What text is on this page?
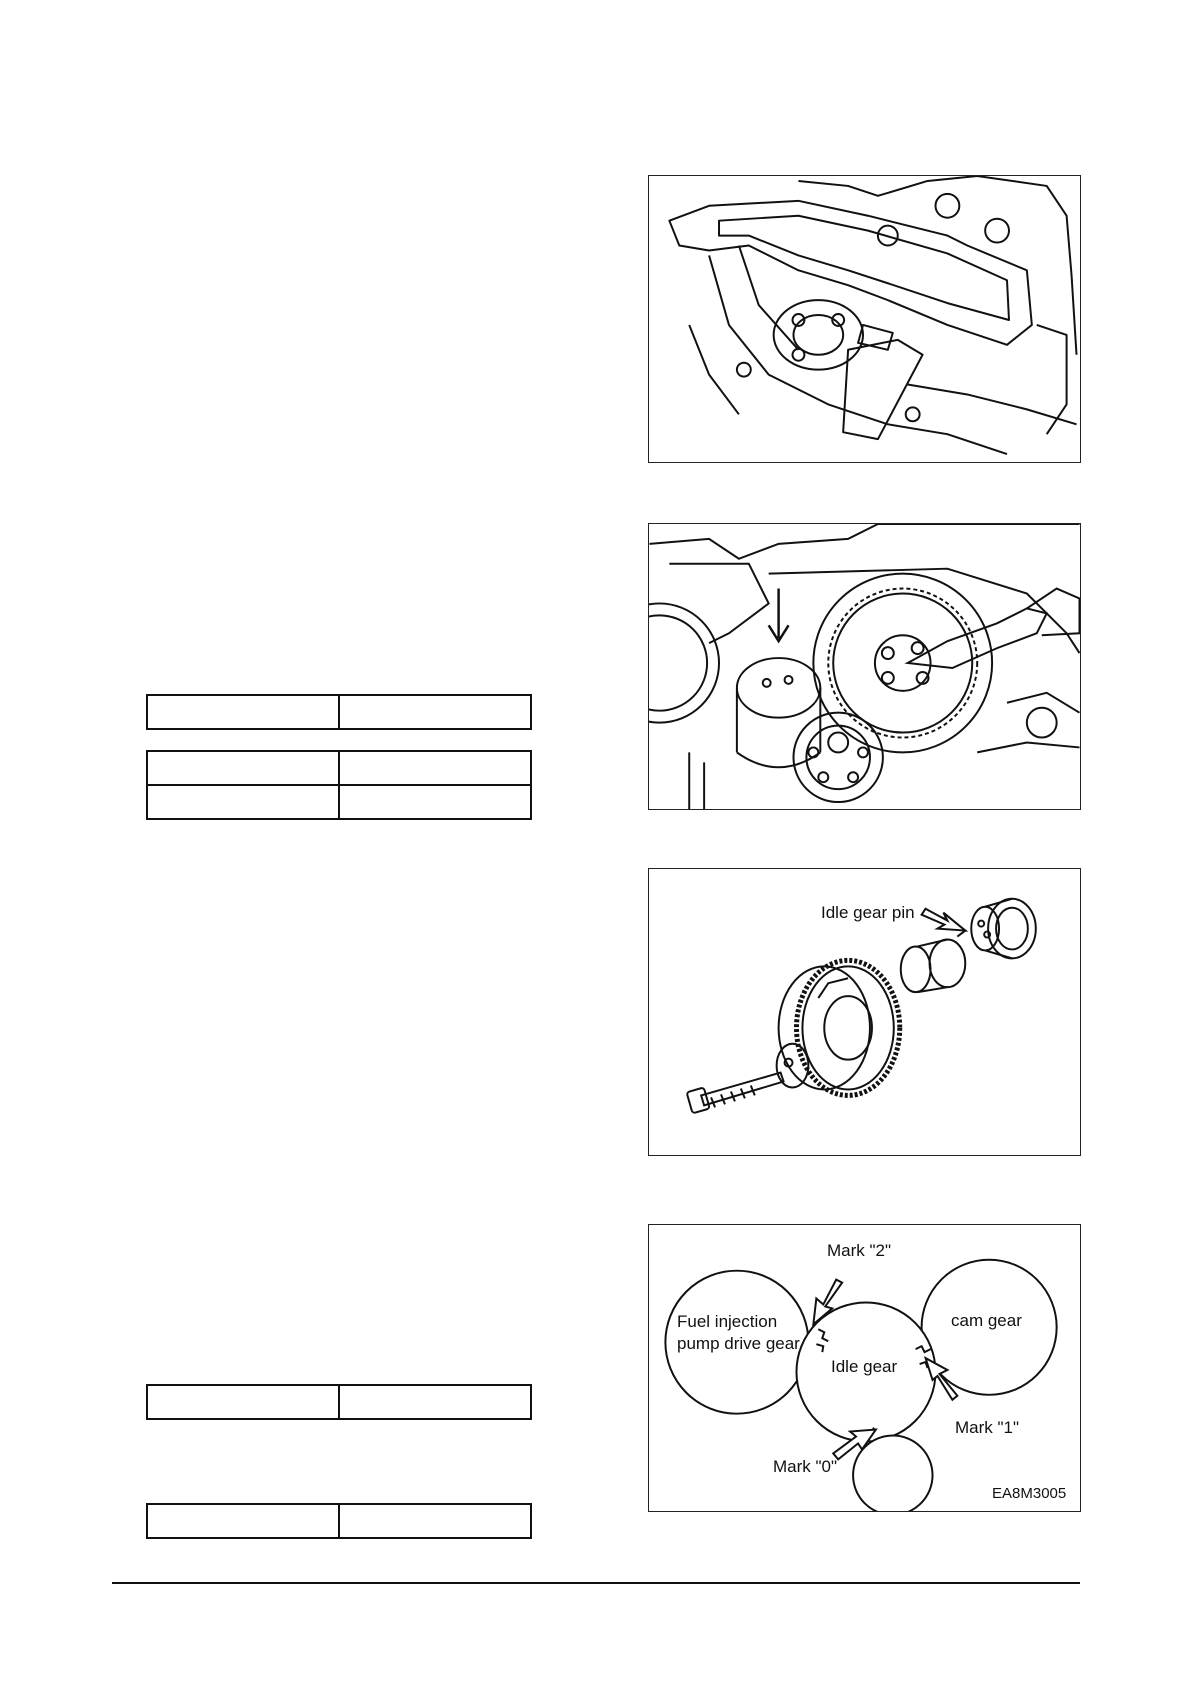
Idle gear pin
Mark "2"
Fuel injection
pump drive gear
cam gear
Idle gear
Mark "1"
Mark "0"
EA8M3005
